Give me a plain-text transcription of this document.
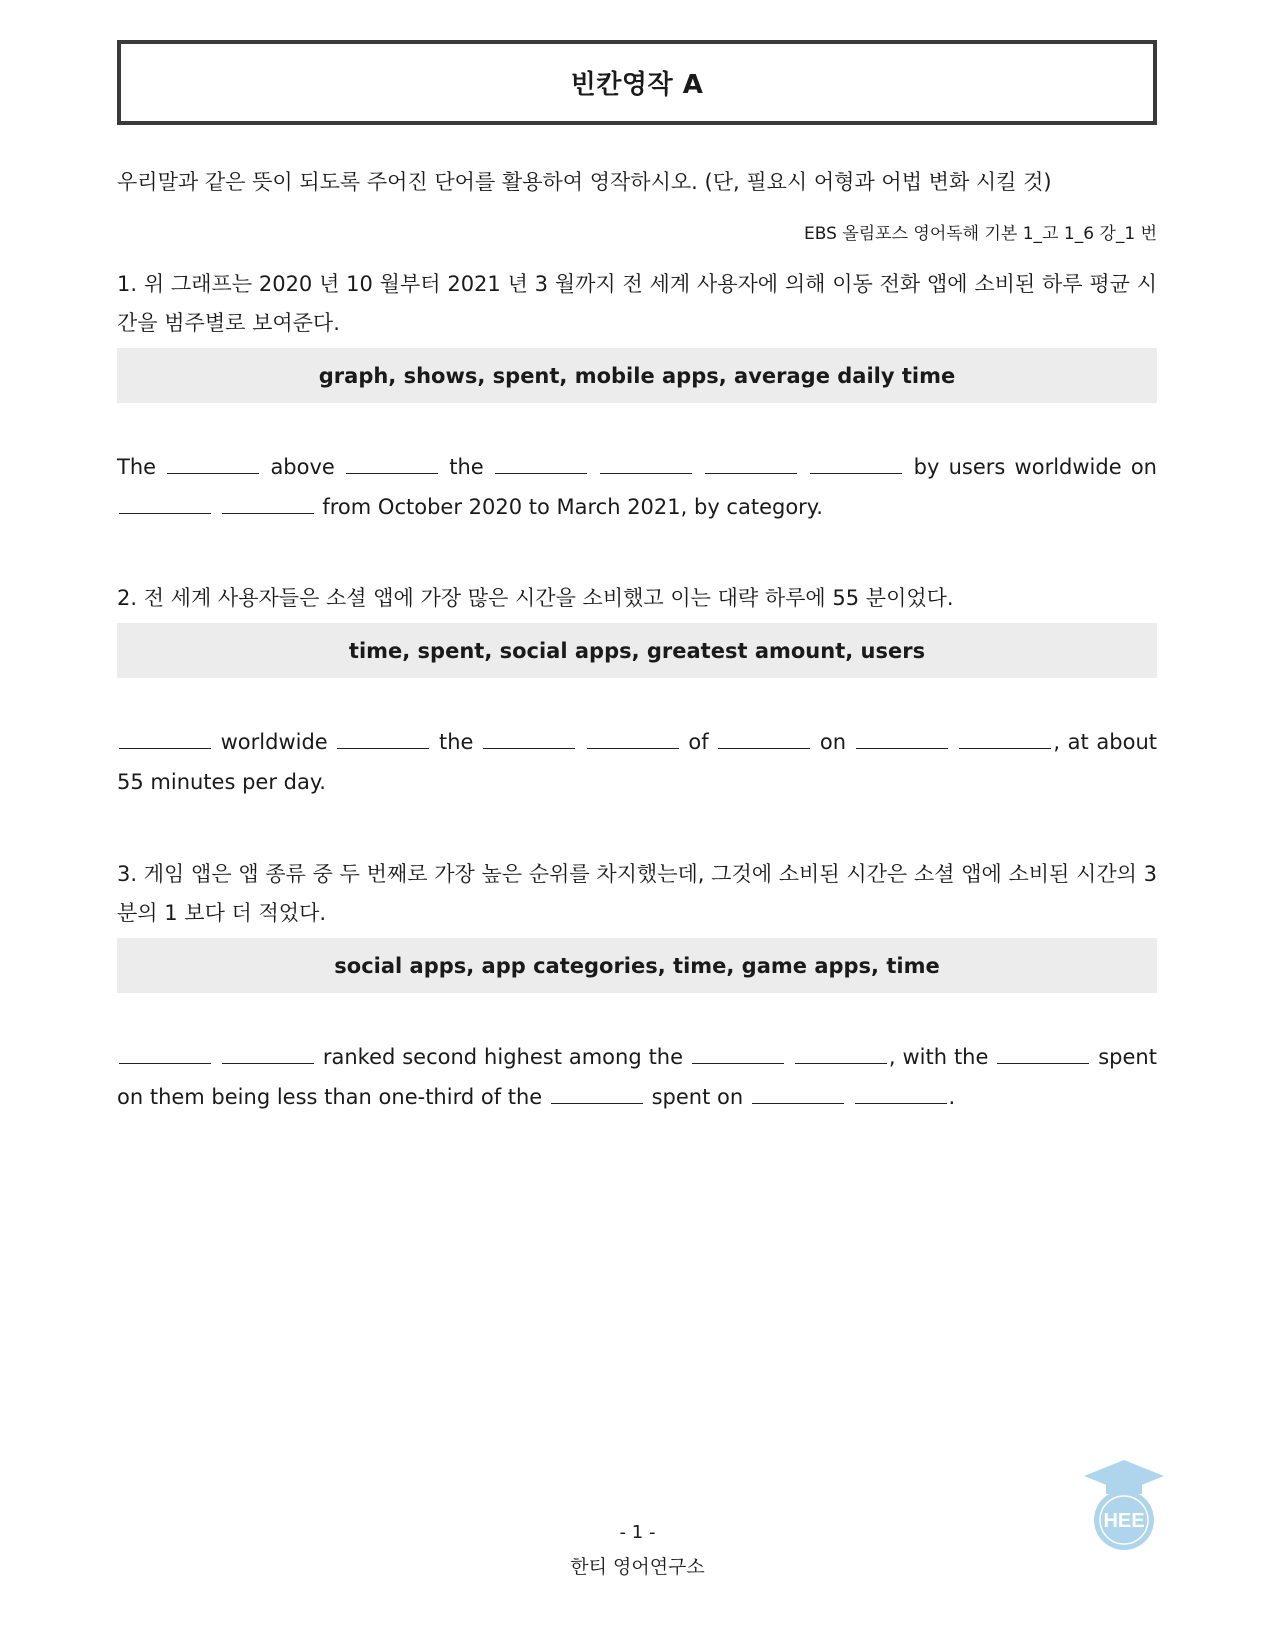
빈칸영작 A
우리말과 같은 뜻이 되도록 주어진 단어를 활용하여 영작하시오. (단, 필요시 어형과 어법 변화 시킬 것)
EBS 올림포스 영어독해 기본 1_고 1_6 강_1 번

1. 위 그래프는 2020 년 10 월부터 2021 년 3 월까지 전 세계 사용자에 의해 이동 전화 앱에 소비된 하루 평균 시간을 범주별로 보여준다.

graph, shows, spent, mobile apps, average daily time
The	above	the	by users worldwide on   from October 2020 to March 2021, by category.

2. 전 세계 사용자들은 소셜 앱에 가장 많은 시간을 소비했고 이는 대략 하루에 55 분이었다.

time, spent, social apps, greatest amount, users
worldwide	the	of	on	, at about 55 minutes per day.

3. 게임 앱은 앱 종류 중 두 번째로 가장 높은 순위를 차지했는데, 그것에 소비된 시간은 소셜 앱에 소비된 시간의 3 분의 1 보다 더 적었다.

social apps, app categories, time, game apps, time
ranked second highest among the	, with the	spent on them being less than one-third of the	spent on	.
HEE
- 1 -
한티 영어연구소
